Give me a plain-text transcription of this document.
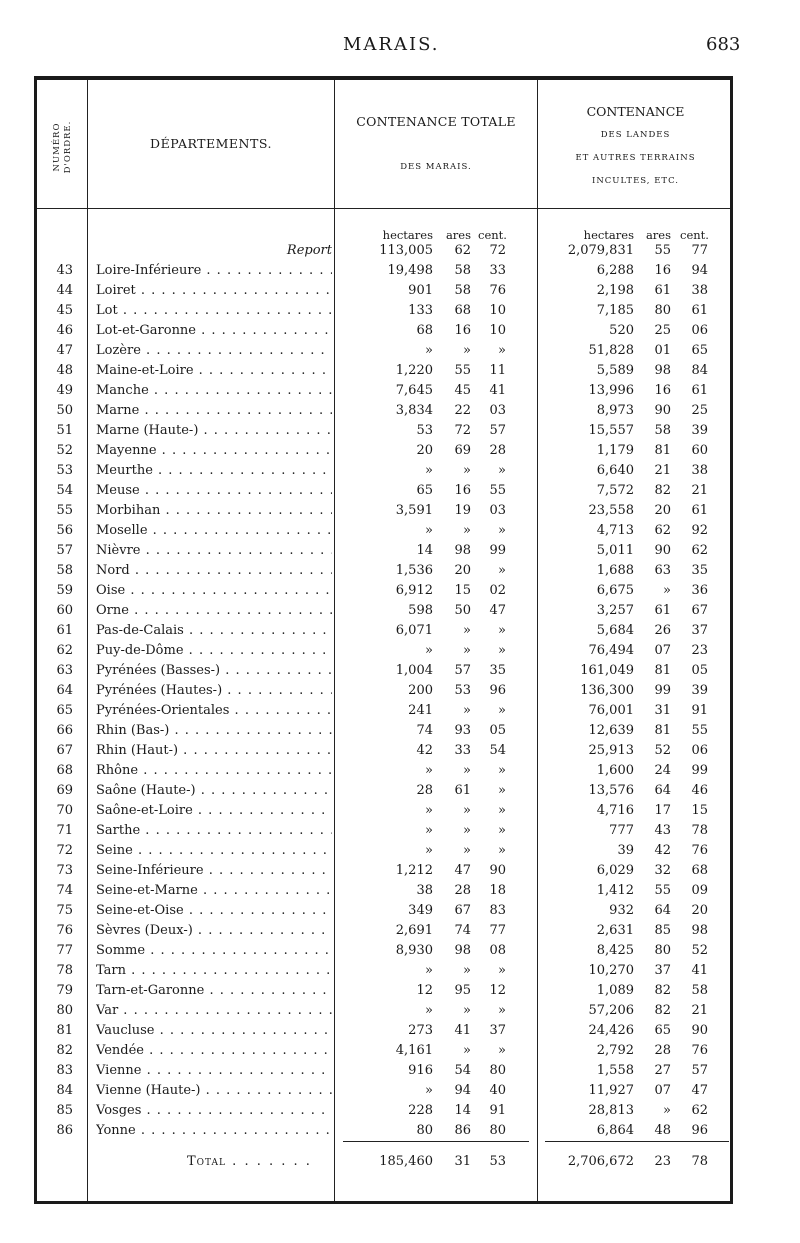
MARAIS.	683
NUMÉRO D'ORDRE.	DÉPARTEMENTS.
CONTENANCE TOTALE
DES MARAIS.
CONTENANCE
DES LANDES
ET AUTRES TERRAINS
INCULTES, ETC.
hectares	ares cent.	hectares	ares cent.
Report	113,005	62	72	2,079,831	55	77
43 Loire-Inférieure . . .	19,498	58	33	6,288	16	94
44 Loiret . . .	901	58	76	2,198	61	38
45 Lot . . .	133	68	10	7,185	80	61
46 Lot-et-Garonne . . .	68	16	10	520	25	06
47 Lozère . . .	»	»	»	51,828	01	65
48 Maine-et-Loire . . .	1,220	55	11	5,589	98	84
49 Manche . . .	7,645	45	41	13,996	16	61
50 Marne . . .	3,834	22	03	8,973	90	25
51 Marne (Haute-) . . .	53	72	57	15,557	58	39
52 Mayenne . . .	20	69	28	1,179	81	60
53 Meurthe . . .	»	»	»	6,640	21	38
54 Meuse . . .	65	16	55	7,572	82	21
55 Morbihan . . .	3,591	19	03	23,558	20	61
56 Moselle . . .	»	»	»	4,713	62	92
57 Nièvre . . .	14	98	99	5,011	90	62
58 Nord . . .	1,536	20	»	1,688	63	35
59 Oise . . .	6,912	15	02	6,675	»	36
60 Orne . . .	598	50	47	3,257	61	67
61 Pas-de-Calais . . .	6,071	»	»	5,684	26	37
62 Puy-de-Dôme . . .	»	»	»	76,494	07	23
63 Pyrénées (Basses-) . . .	1,004	57	35	161,049	81	05
64 Pyrénées (Hautes-) . . .	200	53	96	136,300	99	39
65 Pyrénées-Orientales . . .	241	»	»	76,001	31	91
66 Rhin (Bas-) . . .	74	93	05	12,639	81	55
67 Rhin (Haut-) . . .	42	33	54	25,913	52	06
68 Rhône . . .	»	»	»	1,600	24	99
69 Saône (Haute-) . . .	28	61	»	13,576	64	46
70 Saône-et-Loire . . .	»	»	»	4,716	17	15
71 Sarthe . . .	»	»	»	777	43	78
72 Seine . . .	»	»	»	39	42	76
73 Seine-Inférieure . . .	1,212	47	90	6,029	32	68
74 Seine-et-Marne . . .	38	28	18	1,412	55	09
75 Seine-et-Oise . . .	349	67	83	932	64	20
76 Sèvres (Deux-) . . .	2,691	74	77	2,631	85	98
77 Somme . . .	8,930	98	08	8,425	80	52
78 Tarn . . .	»	»	»	10,270	37	41
79 Tarn-et-Garonne . . .	12	95	12	1,089	82	58
80 Var . . .	»	»	»	57,206	82	21
81 Vaucluse . . .	273	41	37	24,426	65	90
82 Vendée . . .	4,161	»	»	2,792	28	76
83 Vienne . . .	916	54	80	1,558	27	57
84 Vienne (Haute-) . . .	»	94	40	11,927	07	47
85 Vosges . . .	228	14	91	28,813	»	62
86 Yonne . . .	80	86	80	6,864	48	96
Total . . .	185,460	31	53	2,706,672	23	78
